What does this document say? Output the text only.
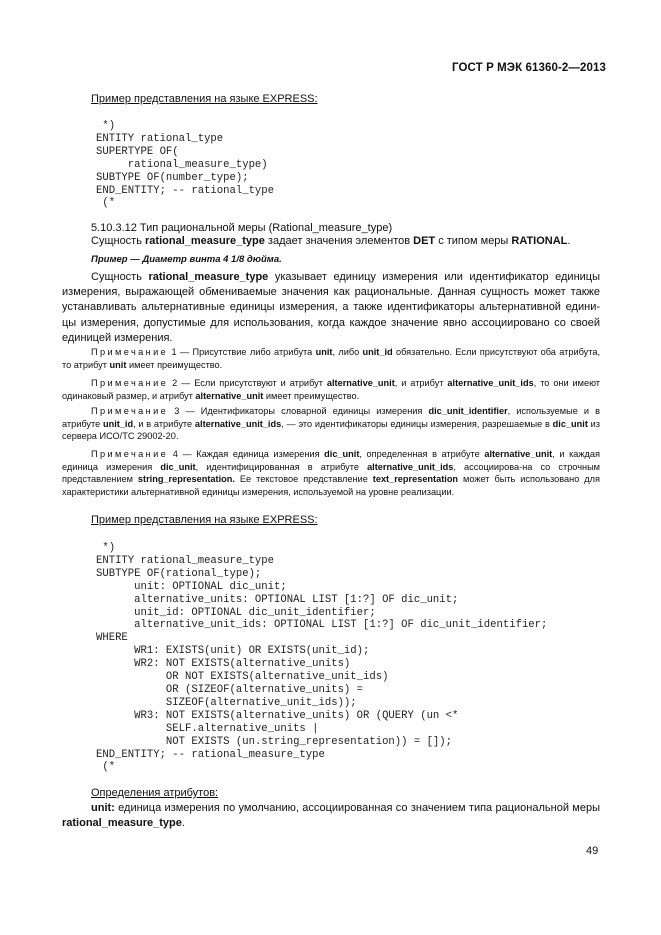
ГОСТ Р МЭК 61360-2—2013
Пример представления на языке EXPRESS:
*)
ENTITY rational_type
SUPERTYPE OF(
rational_measure_type)
SUBTYPE OF(number_type);
END_ENTITY; -- rational_type
(*
5.10.3.12 Тип рациональной меры (Rational_measure_type)
Сущность rational_measure_type задает значения элементов DET с типом меры RATIONAL.
Пример — Диаметр винта 4 1/8 дюйма.

Сущность rational_measure_type указывает единицу измерения или идентификатор единицы измерения, выражающей обмениваемые значения как рациональные. Данная сущность может также устанавливать альтернативные единицы измерения, а также идентификаторы альтернативной едини-цы измерения, допустимые для использования, когда каждое значение явно ассоциировано со своей единицей измерения.

Примечание 1 — Присутствие либо атрибута unit, либо unit_id обязательно. Если присутствуют оба атрибута, то атрибут unit имеет преимущество.

Примечание 2 — Если присутствуют и атрибут alternative_unit, и атрибут alternative_unit_ids, то они имеют одинаковый размер, и атрибут alternative_unit имеет преимущество.

Примечание 3 — Идентификаторы словарной единицы измерения dic_unit_identifier, используемые и в атрибуте unit_id, и в атрибуте alternative_unit_ids, — это идентификаторы единицы измерения, разрешаемые в dic_unit из сервера ИСО/ТС 29002-20.

Примечание 4 — Каждая единица измерения dic_unit, определенная в атрибуте alternative_unit, и каждая единица измерения dic_unit, идентифицированная в атрибуте alternative_unit_ids, ассоциирова-на со строчным представлением string_representation. Ее текстовое представление text_representation может быть использовано для характеристики альтернативной единицы измерения, используемой на уровне реализации.

Пример представления на языке EXPRESS:
*)
ENTITY rational_measure_type
SUBTYPE OF(rational_type);
unit: OPTIONAL dic_unit;
alternative_units: OPTIONAL LIST [1:?] OF dic_unit;
unit_id: OPTIONAL dic_unit_identifier;
alternative_unit_ids: OPTIONAL LIST [1:?] OF dic_unit_identifier;
WHERE
WR1: EXISTS(unit) OR EXISTS(unit_id);
WR2: NOT EXISTS(alternative_units)
OR NOT EXISTS(alternative_unit_ids)
OR (SIZEOF(alternative_units) =
SIZEOF(alternative_unit_ids));
WR3: NOT EXISTS(alternative_units) OR (QUERY (un <*
SELF.alternative_units |
NOT EXISTS (un.string_representation)) = []);
END_ENTITY; -- rational_measure_type
(*
Определения атрибутов:

unit: единица измерения по умолчанию, ассоциированная со значением типа рациональной меры rational_measure_type.

49
